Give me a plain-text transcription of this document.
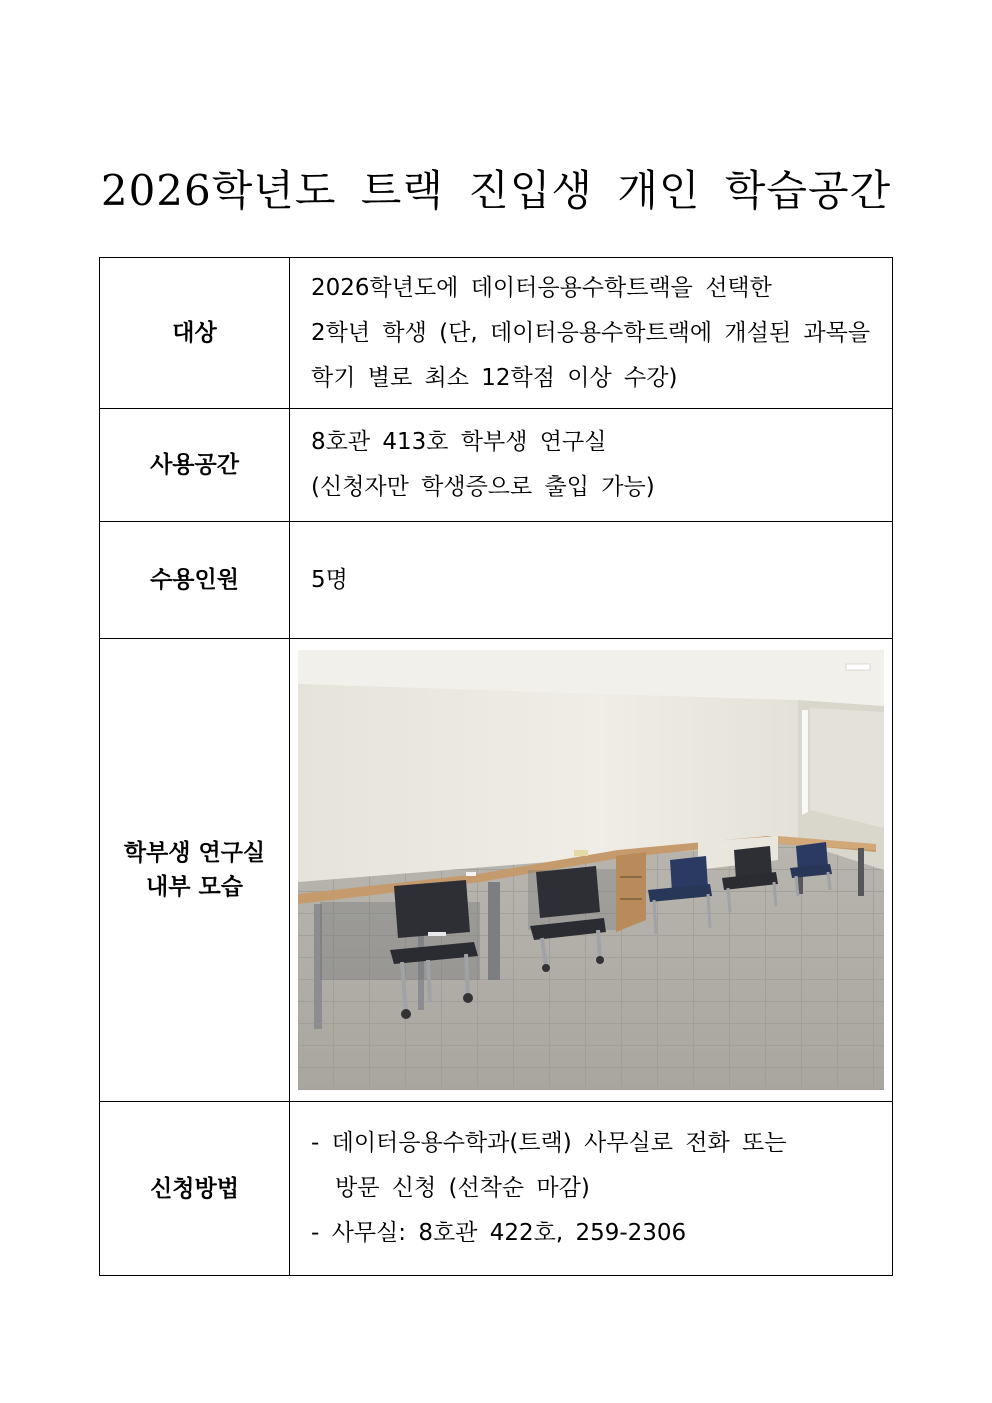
2026학년도 트랙 진입생 개인 학습공간
대상	2026학년도에 데이터응용수학트랙을 선택한
2학년 학생 (단, 데이터응용수학트랙에 개설된 과목을
학기 별로 최소 12학점 이상 수강)

사용공간	8호관 413호 학부생 연구실
(신청자만 학생증으로 출입 가능)

수용인원	5명

학부생 연구실
내부 모습

신청방법	- 데이터응용수학과(트랙) 사무실로 전화 또는
방문 신청 (선착순 마감)
- 사무실: 8호관 422호, 259-2306
